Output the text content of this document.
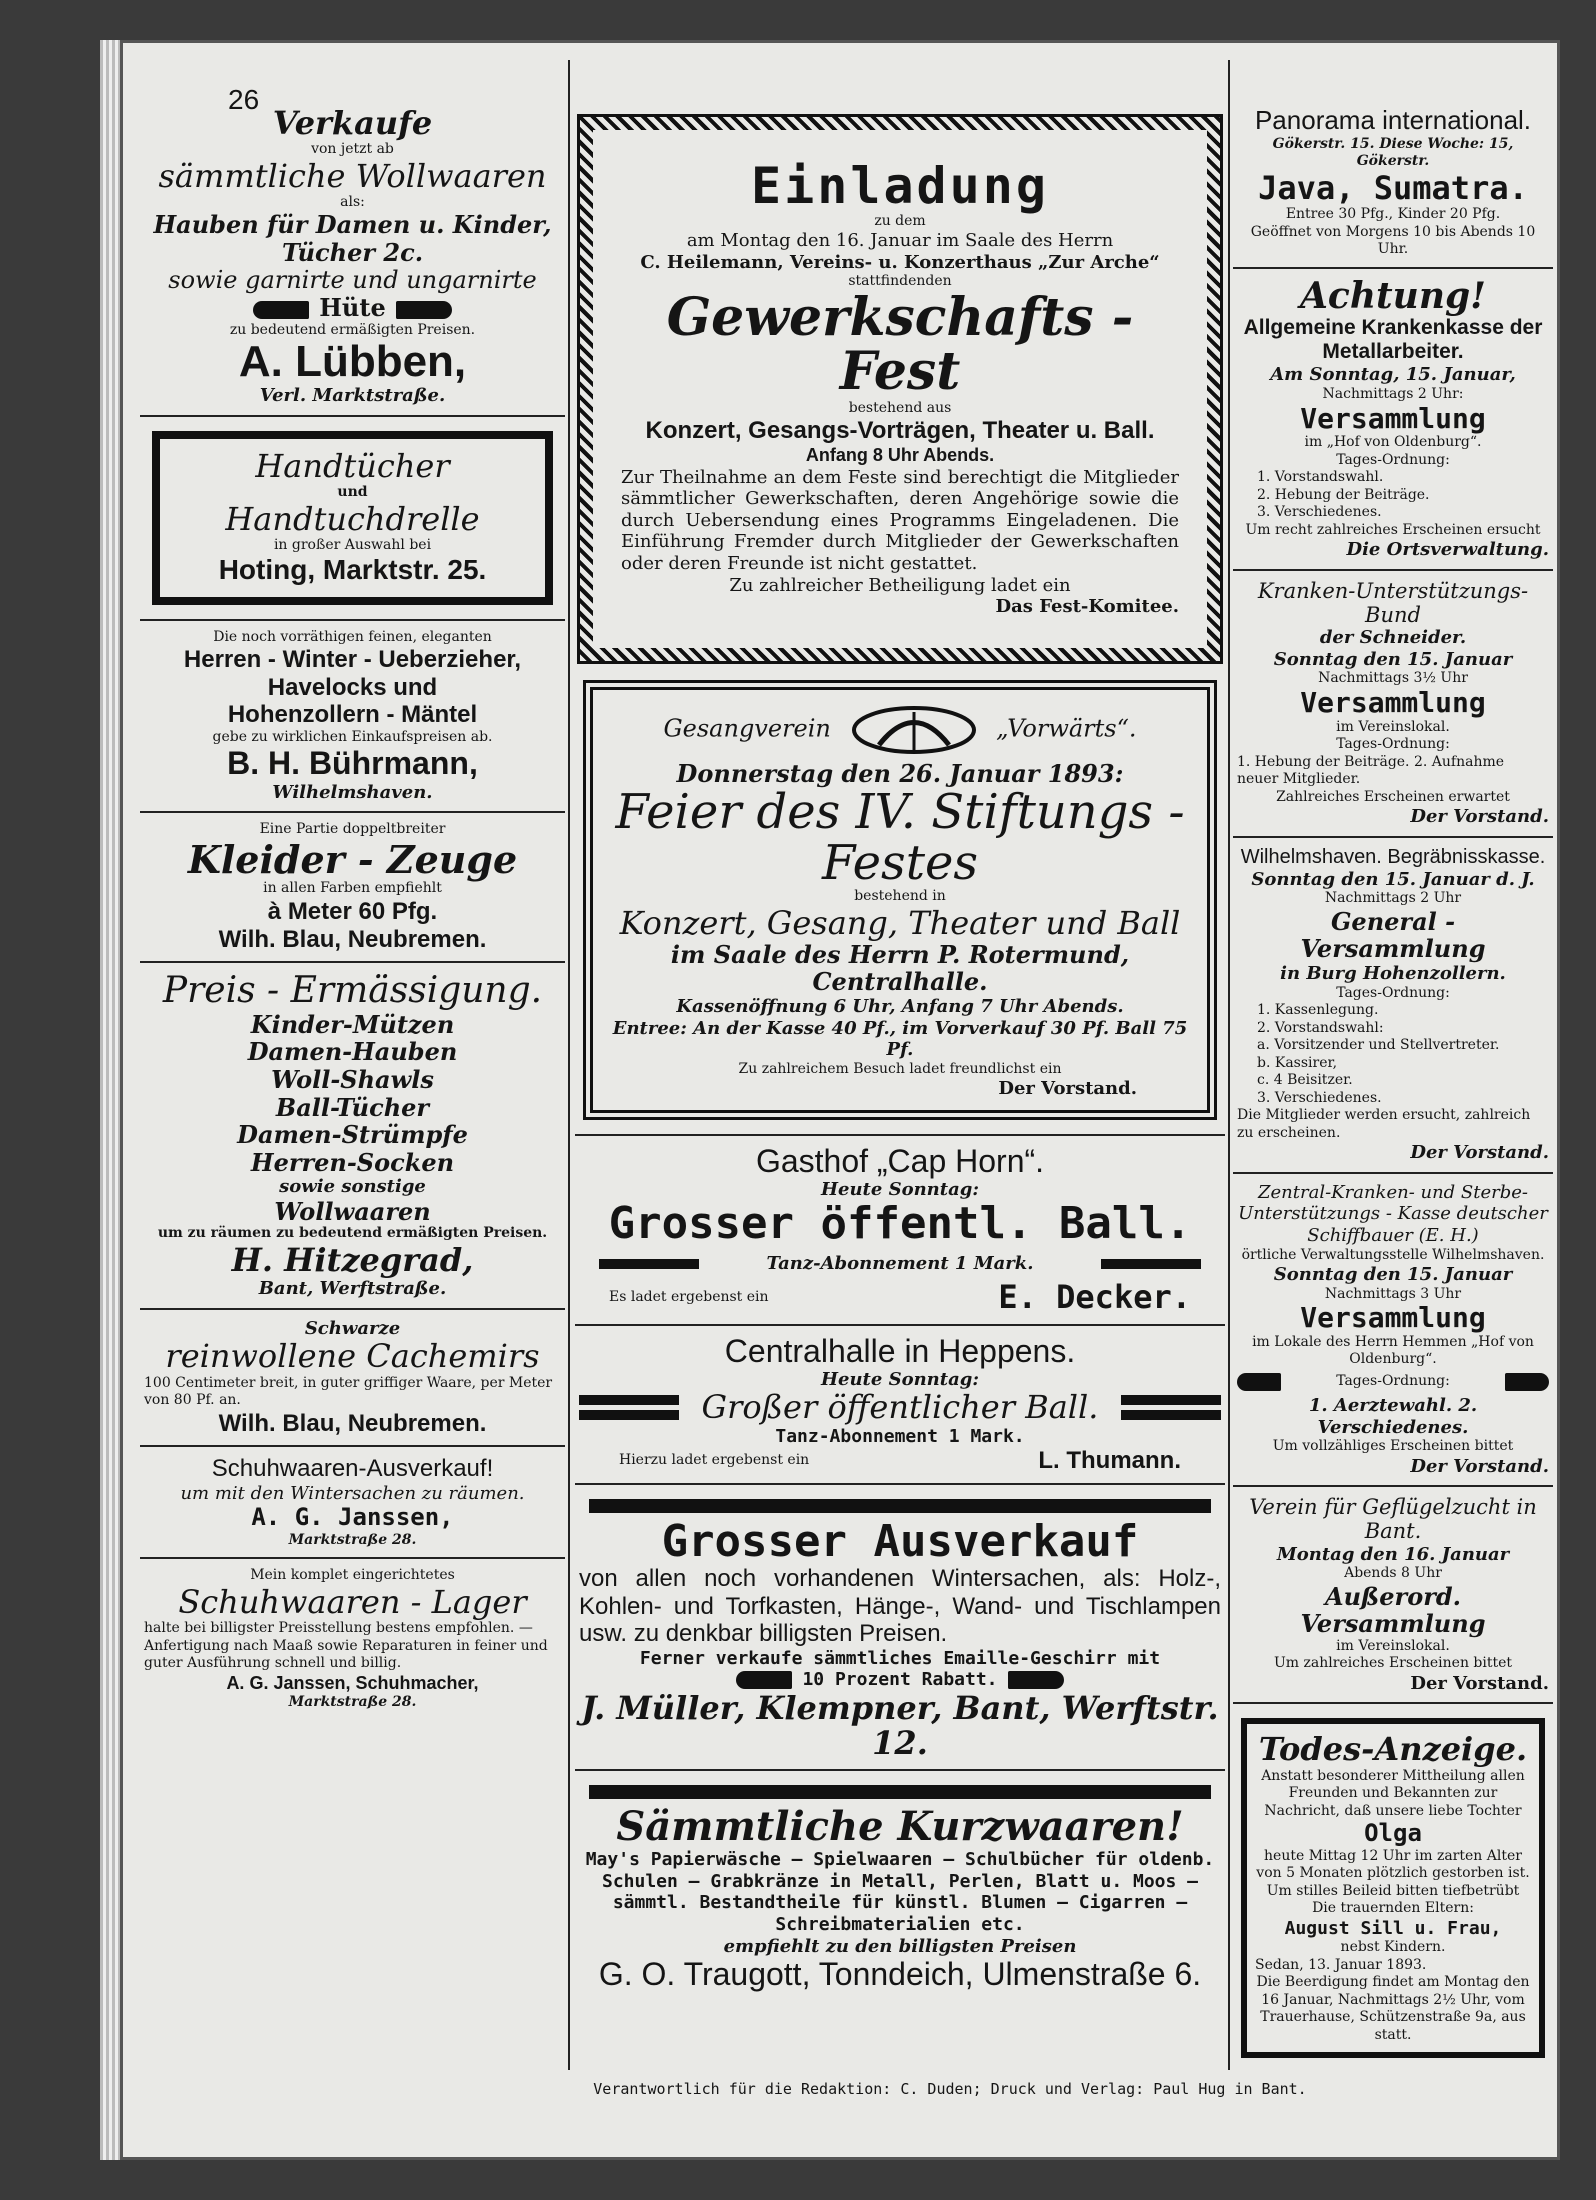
26
Verkaufe
von jetzt ab
sämmtliche Wollwaaren
als:
Hauben für Damen u. Kinder, Tücher 2c.
sowie garnirte und ungarnirte
Hüte
zu bedeutend ermäßigten Preisen.
A. Lübben,
Verl. Marktstraße.
Handtücher
und
Handtuchdrelle
in großer Auswahl bei
Hoting, Marktstr. 25.
Die noch vorräthigen feinen, eleganten
Herren - Winter - Ueberzieher,
Havelocks und
Hohenzollern - Mäntel
gebe zu wirklichen Einkaufspreisen ab.
B. H. Bührmann,
Wilhelmshaven.
Eine Partie doppeltbreiter
Kleider - Zeuge
in allen Farben empfiehlt
à Meter 60 Pfg.
Wilh. Blau, Neubremen.
Preis - Ermässigung.
Kinder-Mützen
Damen-Hauben
Woll-Shawls
Ball-Tücher
Damen-Strümpfe
Herren-Socken
sowie sonstige
Wollwaaren
um zu räumen zu bedeutend ermäßigten Preisen.
H. Hitzegrad,
Bant, Werftstraße.
Schwarze
reinwollene Cachemirs
100 Centimeter breit, in guter griffiger Waare, per Meter von 80 Pf. an.
Wilh. Blau, Neubremen.
Schuhwaaren-Ausverkauf!
um mit den Wintersachen zu räumen.
A. G. Janssen,
Marktstraße 28.
Mein komplet eingerichtetes
Schuhwaaren - Lager
halte bei billigster Preisstellung bestens empfohlen. — Anfertigung nach Maaß sowie Reparaturen in feiner und guter Ausführung schnell und billig.
A. G. Janssen, Schuhmacher,
Marktstraße 28.
Einladung
zu dem
am Montag den 16. Januar im Saale des Herrn
C. Heilemann, Vereins- u. Konzerthaus „Zur Arche“
stattfindenden
Gewerkschafts - Fest
bestehend aus
Konzert, Gesangs-Vorträgen, Theater u. Ball.
Anfang 8 Uhr Abends.
Zur Theilnahme an dem Feste sind berechtigt die Mitglieder sämmtlicher Gewerkschaften, deren Angehörige sowie die durch Uebersendung eines Programms Eingeladenen. Die Einführung Fremder durch Mitglieder der Gewerkschaften oder deren Freunde ist nicht gestattet.
Zu zahlreicher Betheiligung ladet ein
Das Fest-Komitee.
Gesangverein	„Vorwärts“.
Donnerstag den 26. Januar 1893:
Feier des IV. Stiftungs - Festes
bestehend in
Konzert, Gesang, Theater und Ball
im Saale des Herrn P. Rotermund, Centralhalle.
Kassenöffnung 6 Uhr, Anfang 7 Uhr Abends.
Entree: An der Kasse 40 Pf., im Vorverkauf 30 Pf. Ball 75 Pf.
Zu zahlreichem Besuch ladet freundlichst ein
Der Vorstand.
Gasthof „Cap Horn“.
Heute Sonntag:
Grosser öffentl. Ball.
Tanz-Abonnement 1 Mark.
Es ladet ergebenst ein	E. Decker.
Centralhalle in Heppens.
Heute Sonntag:
Großer öffentlicher Ball.
Tanz-Abonnement 1 Mark.
Hierzu ladet ergebenst ein	L. Thumann.
Grosser Ausverkauf
von allen noch vorhandenen Wintersachen, als: Holz-, Kohlen- und Torfkasten, Hänge-, Wand- und Tischlampen usw. zu denkbar billigsten Preisen.
Ferner verkaufe sämmtliches Emaille-Geschirr mit
10 Prozent Rabatt.
J. Müller, Klempner, Bant, Werftstr. 12.
Sämmtliche Kurzwaaren!
May's Papierwäsche — Spielwaaren — Schulbücher für oldenb. Schulen — Grabkränze in Metall, Perlen, Blatt u. Moos — sämmtl. Bestandtheile für künstl. Blumen — Cigarren — Schreibmaterialien etc.
empfiehlt zu den billigsten Preisen
G. O. Traugott, Tonndeich, Ulmenstraße 6.
Panorama international.
Gökerstr. 15. Diese Woche: 15, Gökerstr.
Java, Sumatra.
Entree 30 Pfg., Kinder 20 Pfg.
Geöffnet von Morgens 10 bis Abends 10 Uhr.
Achtung!
Allgemeine Krankenkasse der Metallarbeiter.
Am Sonntag, 15. Januar,
Nachmittags 2 Uhr:
Versammlung
im „Hof von Oldenburg“.
Tages-Ordnung:
1. Vorstandswahl.
2. Hebung der Beiträge.
3. Verschiedenes.
Um recht zahlreiches Erscheinen ersucht
Die Ortsverwaltung.
Kranken-Unterstützungs-Bund
der Schneider.
Sonntag den 15. Januar
Nachmittags 3½ Uhr
Versammlung
im Vereinslokal.
Tages-Ordnung:
1. Hebung der Beiträge. 2. Aufnahme neuer Mitglieder.
Zahlreiches Erscheinen erwartet
Der Vorstand.
Wilhelmshaven. Begräbnisskasse.
Sonntag den 15. Januar d. J.
Nachmittags 2 Uhr
General - Versammlung
in Burg Hohenzollern.
Tages-Ordnung:
1. Kassenlegung.
2. Vorstandswahl:
a. Vorsitzender und Stellvertreter.
b. Kassirer,
c. 4 Beisitzer.
3. Verschiedenes.
Die Mitglieder werden ersucht, zahlreich zu erscheinen.
Der Vorstand.
Zentral-Kranken- und Sterbe-Unterstützungs - Kasse deutscher Schiffbauer (E. H.)
örtliche Verwaltungsstelle Wilhelmshaven.
Sonntag den 15. Januar
Nachmittags 3 Uhr
Versammlung
im Lokale des Herrn Hemmen „Hof von Oldenburg“.
Tages-Ordnung:
1. Aerztewahl. 2. Verschiedenes.
Um vollzähliges Erscheinen bittet
Der Vorstand.
Verein für Geflügelzucht in Bant.
Montag den 16. Januar
Abends 8 Uhr
Außerord. Versammlung
im Vereinslokal.
Um zahlreiches Erscheinen bittet
Der Vorstand.
Todes-Anzeige.
Anstatt besonderer Mittheilung allen Freunden und Bekannten zur Nachricht, daß unsere liebe Tochter
Olga
heute Mittag 12 Uhr im zarten Alter von 5 Monaten plötzlich gestorben ist. Um stilles Beileid bitten tiefbetrübt
Die trauernden Eltern:
August Sill u. Frau,
nebst Kindern.
Sedan, 13. Januar 1893.
Die Beerdigung findet am Montag den 16 Januar, Nachmittags 2½ Uhr, vom Trauerhause, Schützenstraße 9a, aus statt.
Verantwortlich für die Redaktion: C. Duden; Druck und Verlag: Paul Hug in Bant.
